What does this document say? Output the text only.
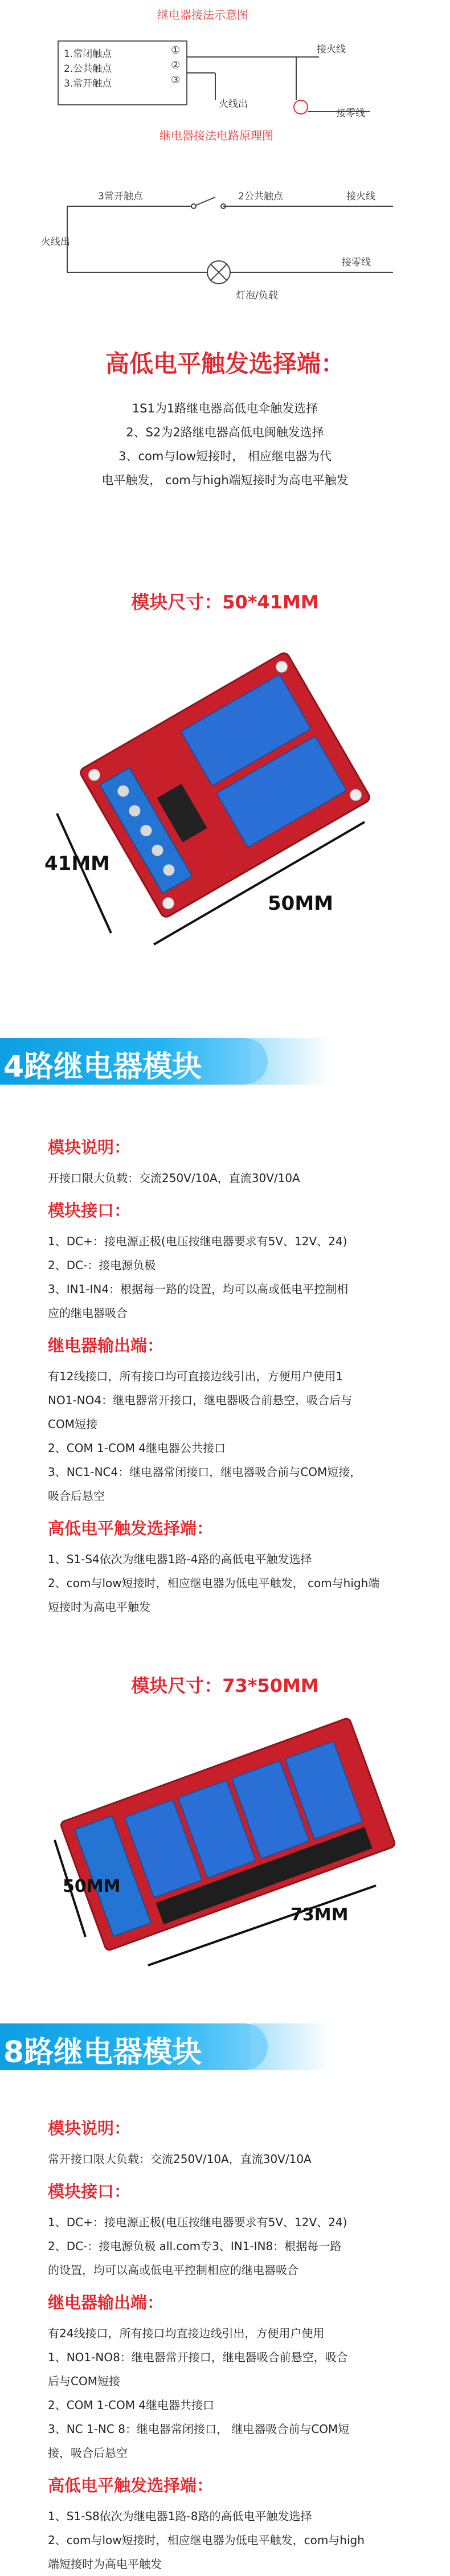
继电器接法示意图
1.常闭触点
2.公共触点
3.常开触点
①
②
③
接火线
接零线
火线出
继电器接法电路原理图
3常开触点	2公共触点	接火线
火线出
接零线
灯泡/负载
高低电平触发选择端：
1S1为1路继电器高低电伞触发选择
2、S2为2路继电器高低电闽触发选择
3、com与low短接时， 相应继电器为代
电平触发， com与high端短接时为高电平触发
模块尺寸：50*41MM
41MM
50MM
4路继电器模块
模块说明：
开接口限大负载：交流250V/10A，直流30V/10A
模块接口：
1、DC+：接电源正极(电压按继电器要求有5V、12V、24)
2、DC-：接电源负极
3、IN1-IN4：根据每一路的设置，均可以高或低电平控制相
应的继电器吸合
继电器输出端：
有12线接口，所有接口均可直接边线引出，方便用户使用1
NO1-NO4：继电器常开接口，继电器吸合前悬空，吸合后与
COM短接
2、COM 1-COM 4继电器公共接口
3、NC1-NC4：继电器常闭接口，继电器吸合前与COM短接，
吸合后悬空
高低电平触发选择端：
1、S1-S4依次为继电器1路-4路的高低电平触发选择
2、com与low短接时，相应继电器为低电平触发， com与high端
短接时为高电平触发
模块尺寸：73*50MM
50MM
73MM
8路继电器模块
模块说明：
常开接口限大负载：交流250V/10A，直流30V/10A
模块接口：
1、DC+：接电源正极(电压按继电器要求有5V、12V、24)
2、DC-：接电源负极 all.com专3、IN1-IN8：根据每一路
的设置，均可以高或低电平控制相应的继电器吸合
继电器输出端：
有24线接口，所有接口均直接边线引出，方便用户使用
1、NO1-NO8：继电器常开接口，继电器吸合前悬空，吸合
后与COM短接
2、COM 1-COM 4继电器共接口
3、NC 1-NC 8：继电器常闭接口， 继电器吸合前与COM短
接，吸合后悬空
高低电平触发选择端：
1、S1-S8依次为继电器1路-8路的高低电平触发选择
2、com与low短接时，相应继电器为低电平触发，com与high
端短接时为高电平触发
